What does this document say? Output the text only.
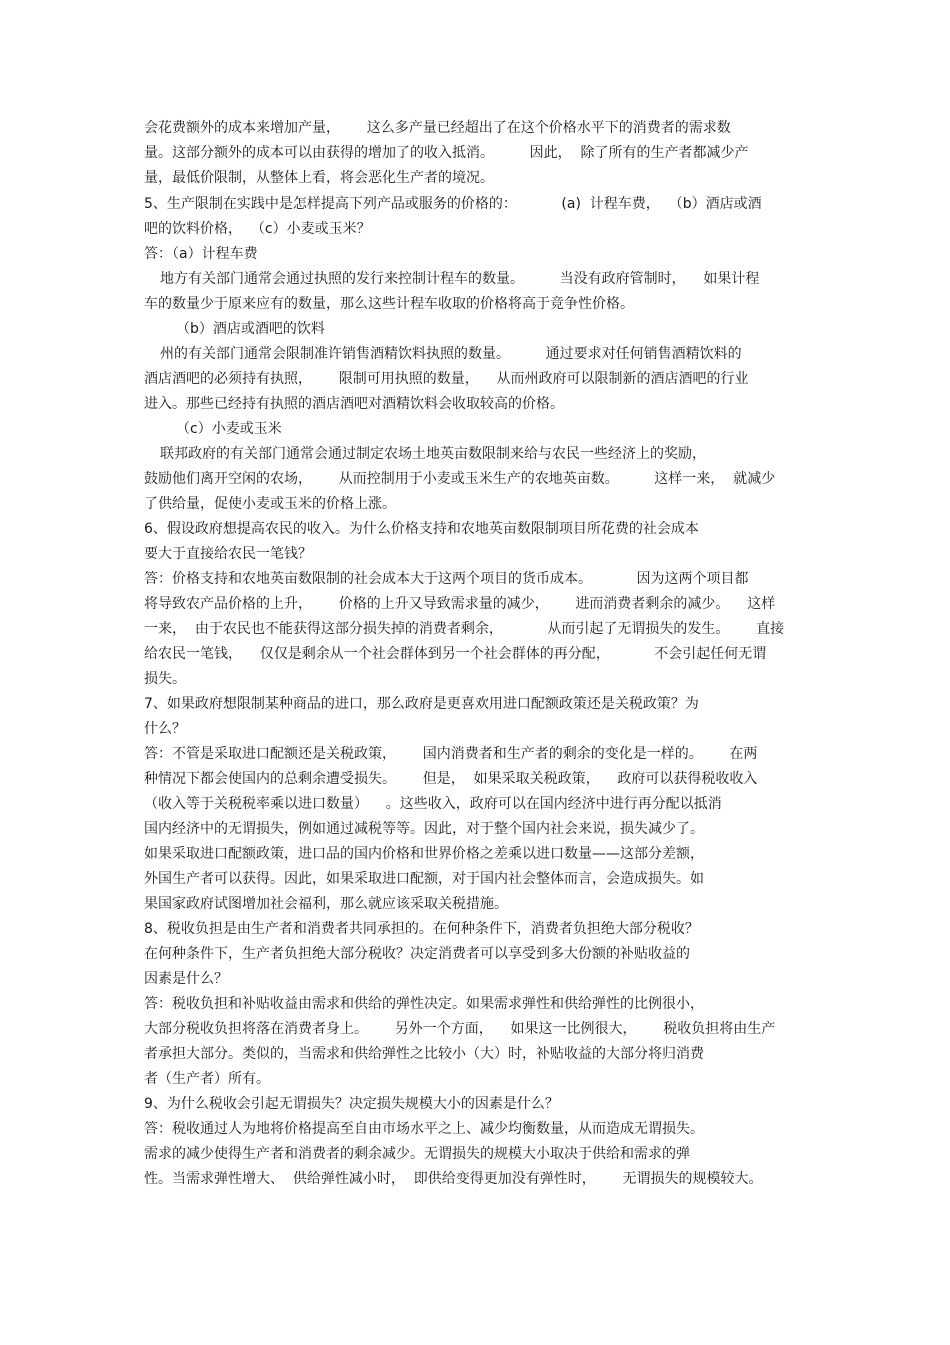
会花费额外的成本来增加产量，      这么多产量已经超出了在这个价格水平下的消费者的需求数
量。这部分额外的成本可以由获得的增加了的收入抵消。        因此，  除了所有的生产者都减少产
量，最低价限制，从整体上看，将会恶化生产者的境况。
5、生产限制在实践中是怎样提高下列产品或服务的价格的：          (a)  计程车费，  （b）酒店或酒
吧的饮料价格，  （c）小麦或玉米？
答：（a）计程车费
地方有关部门通常会通过执照的发行来控制计程车的数量。        当没有政府管制时，    如果计程
车的数量少于原来应有的数量，那么这些计程车收取的价格将高于竞争性价格。
（b）酒店或酒吧的饮料
州的有关部门通常会限制准许销售酒精饮料执照的数量。        通过要求对任何销售酒精饮料的
酒店酒吧的必须持有执照，      限制可用执照的数量，    从而州政府可以限制新的酒店酒吧的行业
进入。那些已经持有执照的酒店酒吧对酒精饮料会收取较高的价格。
（c）小麦或玉米
联邦政府的有关部门通常会通过制定农场土地英亩数限制来给与农民一些经济上的奖励，
鼓励他们离开空闲的农场，      从而控制用于小麦或玉米生产的农地英亩数。        这样一来，  就减少
了供给量，促使小麦或玉米的价格上涨。
6、假设政府想提高农民的收入。为什么价格支持和农地英亩数限制项目所花费的社会成本
要大于直接给农民一笔钱？
答：价格支持和农地英亩数限制的社会成本大于这两个项目的货币成本。          因为这两个项目都
将导致农产品价格的上升，      价格的上升又导致需求量的减少，      进而消费者剩余的减少。    这样
一来，  由于农民也不能获得这部分损失掉的消费者剩余，          从而引起了无谓损失的发生。      直接
给农民一笔钱，    仅仅是剩余从一个社会群体到另一个社会群体的再分配，          不会引起任何无谓
损失。
7、如果政府想限制某种商品的进口，那么政府是更喜欢用进口配额政策还是关税政策？为
什么？
答：不管是采取进口配额还是关税政策，      国内消费者和生产者的剩余的变化是一样的。      在两
种情况下都会使国内的总剩余遭受损失。      但是，  如果采取关税政策，    政府可以获得税收收入
（收入等于关税税率乘以进口数量）    。这些收入，政府可以在国内经济中进行再分配以抵消
国内经济中的无谓损失，例如通过减税等等。因此，对于整个国内社会来说，损失减少了。
如果采取进口配额政策，进口品的国内价格和世界价格之差乘以进口数量——这部分差额，
外国生产者可以获得。因此，如果采取进口配额，对于国内社会整体而言，会造成损失。如
果国家政府试图增加社会福利，那么就应该采取关税措施。
8、税收负担是由生产者和消费者共同承担的。在何种条件下，消费者负担绝大部分税收？
在何种条件下，生产者负担绝大部分税收？决定消费者可以享受到多大份额的补贴收益的
因素是什么？
答：税收负担和补贴收益由需求和供给的弹性决定。如果需求弹性和供给弹性的比例很小，
大部分税收负担将落在消费者身上。      另外一个方面，    如果这一比例很大，      税收负担将由生产
者承担大部分。类似的，当需求和供给弹性之比较小（大）时，补贴收益的大部分将归消费
者（生产者）所有。
9、为什么税收会引起无谓损失？决定损失规模大小的因素是什么？
答：税收通过人为地将价格提高至自由市场水平之上、减少均衡数量，从而造成无谓损失。
需求的减少使得生产者和消费者的剩余减少。无谓损失的规模大小取决于供给和需求的弹
性。当需求弹性增大、  供给弹性减小时，  即供给变得更加没有弹性时，      无谓损失的规模较大。
